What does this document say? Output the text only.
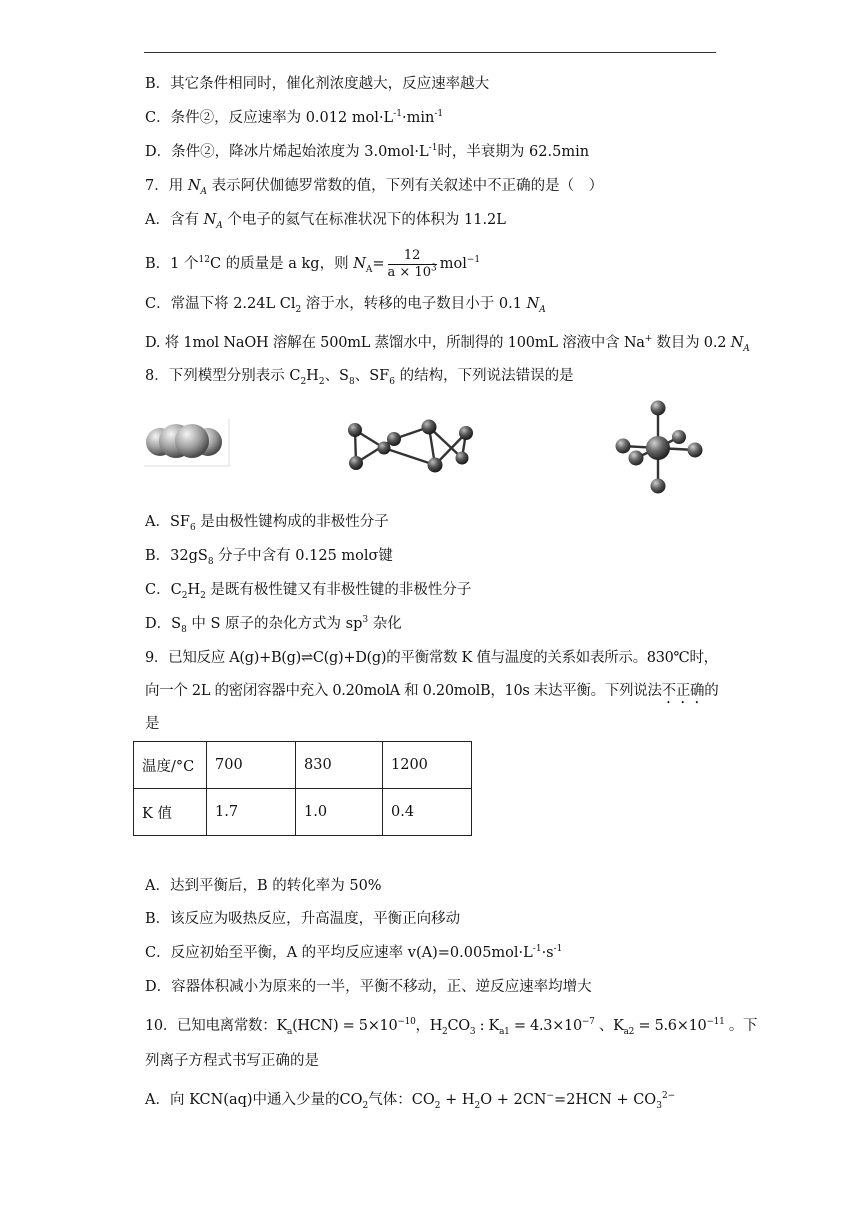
B．其它条件相同时，催化剂浓度越大，反应速率越大
C．条件②，反应速率为 0.012 $mol\cdot L^{-1}\cdot\min^{-1}$
D．条件②，降冰片烯起始浓度为 $3.0mol\cdot L^{-1}$时，半衰期为 62.5min
7．用 $N_A$ 表示阿伏伽德罗常数的值，下列有关叙述中不正确的是（　）
A．含有 $N_A$ 个电子的氦气在标准状况下的体积为 11.2L
B．1 个$^{12}$C 的质量是 a kg，则 $N_A= \frac{12}{a \times 10^3} mol^{-1}$
C．常温下将 2.24L $Cl_2$ 溶于水，转移的电子数目小于 0.1 $N_A$
D. 将 1mol NaOH 溶解在 500mL 蒸馏水中，所制得的 100mL 溶液中含 Na+ 数目为 0.2 $N_A$
8．下列模型分别表示 $C_2H_2$、$S_8$、$SF_6$ 的结构，下列说法错误的是
A．$SF_6$ 是由极性键构成的非极性分子
B．$32gS_8$ 分子中含有 0.125 molσ键
C．$C_2H_2$ 是既有极性键又有非极性键的非极性分子
D．$S_8$ 中 S 原子的杂化方式为 $sp^3$ 杂化
9．已知反应 A(g)+B(g)⇌C(g)+D(g)的平衡常数 K 值与温度的关系如表所示。830℃时，
向一个 2L 的密闭容器中充入 0.20molA 和 0.20molB，10s 末达平衡。下列说法不正确的
是
温度/°C	700	830	1200
K 值	1.7	1.0	0.4
A．达到平衡后，B 的转化率为 50%
B．该反应为吸热反应，升高温度，平衡正向移动
C．反应初始至平衡，A 的平均反应速率 $v(A)=0.005mol\cdot L^{-1}\cdot s^{-1}$
D．容器体积减小为原来的一半，平衡不移动，正、逆反应速率均增大
10．已知电离常数：$K_a(HCN) = 5\times 10^{-10}$，$H_2CO_3$ : $K_{a1} = 4.3\times 10^{-7}$ 、$K_{a2} = 5.6\times 10^{-11}$ 。下
列离子方程式书写正确的是
A．向 KCN(aq)中通入少量的$CO_2$气体：$CO_2 + H_2O + 2CN^-=2HCN + CO_3^{2-}$
